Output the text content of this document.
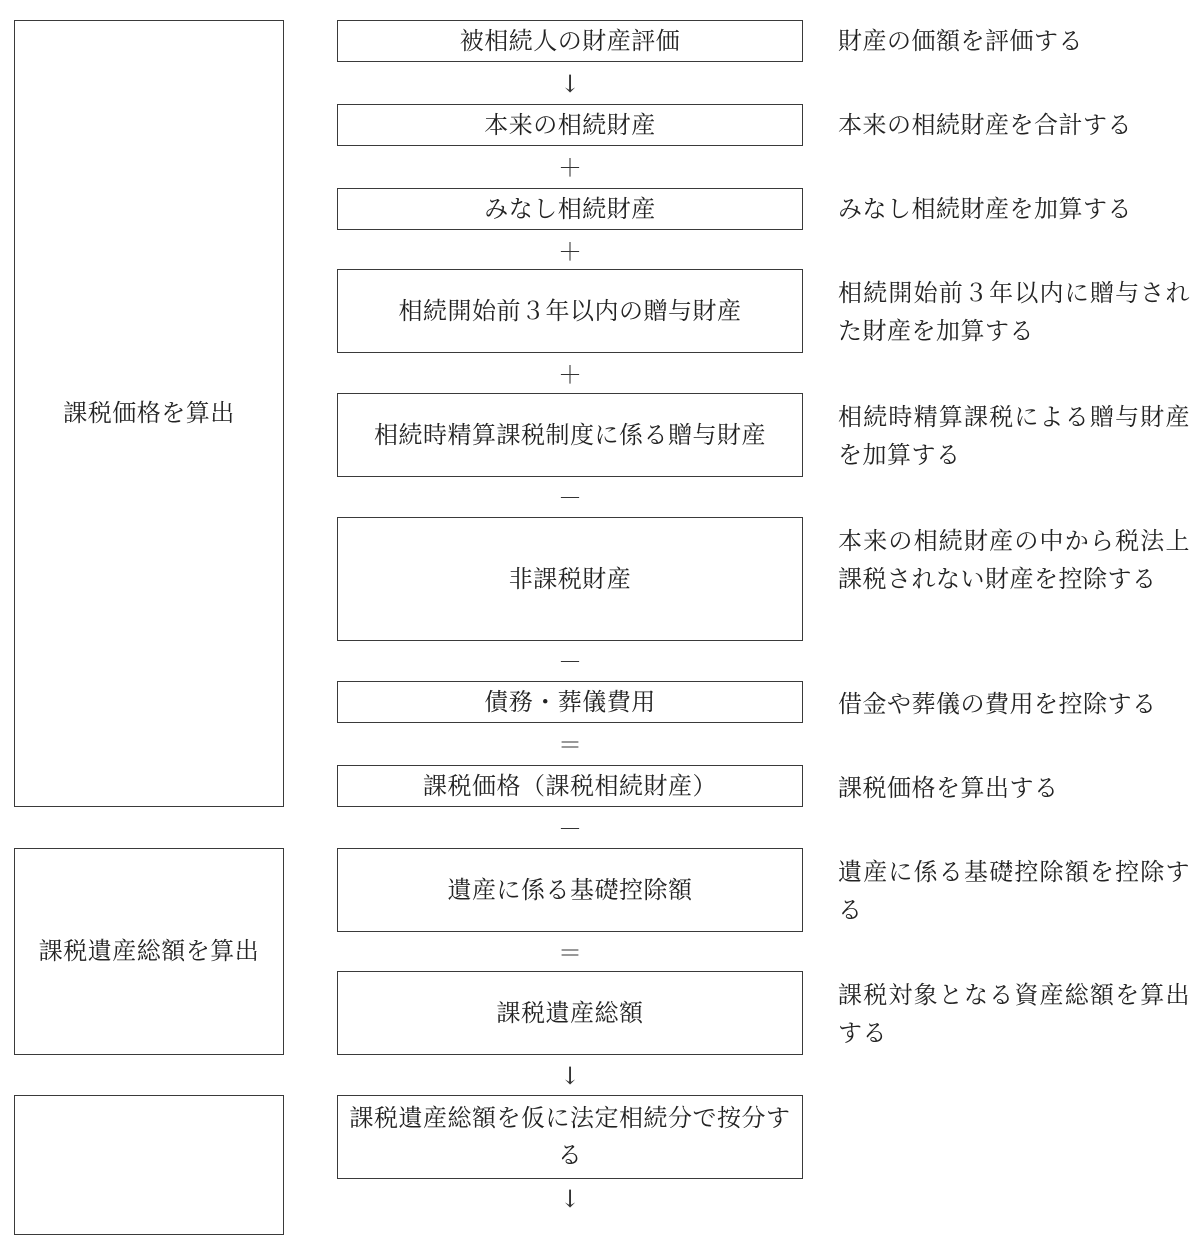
課税価格を算出
課税遺産総額を算出
被相続人の財産評価
↓
本来の相続財産
＋
みなし相続財産
＋
相続開始前３年以内の贈与財産
＋
相続時精算課税制度に係る贈与財産
－
非課税財産
－
債務・葬儀費用
＝
課税価格（課税相続財産）
－
遺産に係る基礎控除額
＝
課税遺産総額
↓
課税遺産総額を仮に法定相続分で按分する
↓
財産の価額を評価する
本来の相続財産を合計する
みなし相続財産を加算する
相続開始前３年以内に贈与された財産を加算する
相続時精算課税による贈与財産を加算する
本来の相続財産の中から税法上課税されない財産を控除する
借金や葬儀の費用を控除する
課税価格を算出する
遺産に係る基礎控除額を控除する
課税対象となる資産総額を算出する
